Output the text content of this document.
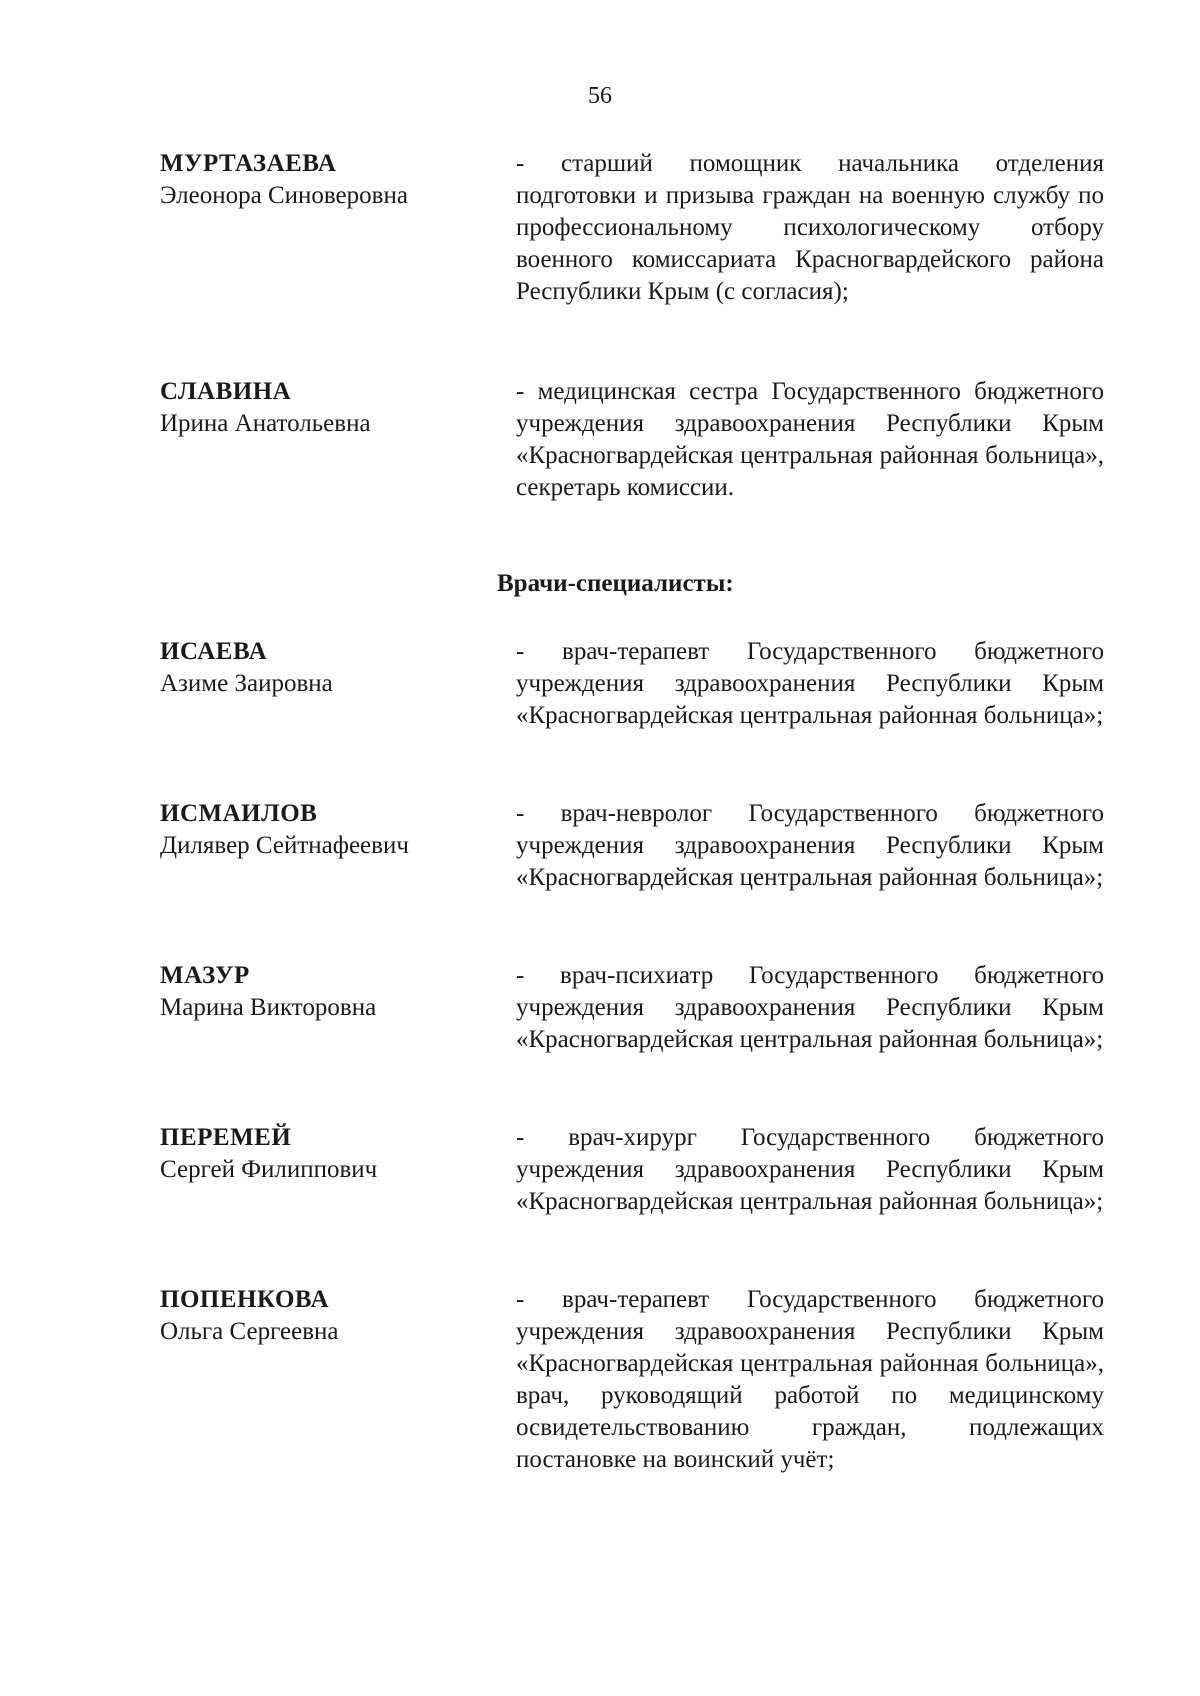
56
МУРТАЗАЕВА
Элеонора Синоверовна
- старший помощник начальника отделения подготовки и призыва граждан на военную службу по профессиональному психологическому отбору военного комиссариата Красногвардейского района Республики Крым (с согласия);
СЛАВИНА
Ирина Анатольевна
- медицинская сестра Государственного бюджетного учреждения здравоохранения Республики Крым «Красногвардейская центральная районная больница», секретарь комиссии.
Врачи-специалисты:
ИСАЕВА
Азиме Заировна
- врач-терапевт Государственного бюджетного учреждения здравоохранения Республики Крым «Красногвардейская центральная районная больница»;
ИСМАИЛОВ
Дилявер Сейтнафеевич
- врач-невролог Государственного бюджетного учреждения здравоохранения Республики Крым «Красногвардейская центральная районная больница»;
МАЗУР
Марина Викторовна
- врач-психиатр Государственного бюджетного учреждения здравоохранения Республики Крым «Красногвардейская центральная районная больница»;
ПЕРЕМЕЙ
Сергей Филиппович
- врач-хирург Государственного бюджетного учреждения здравоохранения Республики Крым «Красногвардейская центральная районная больница»;
ПОПЕНКОВА
Ольга Сергеевна
- врач-терапевт Государственного бюджетного учреждения здравоохранения Республики Крым «Красногвардейская центральная районная больница», врач, руководящий работой по медицинскому освидетельствованию граждан, подлежащих постановке на воинский учёт;
